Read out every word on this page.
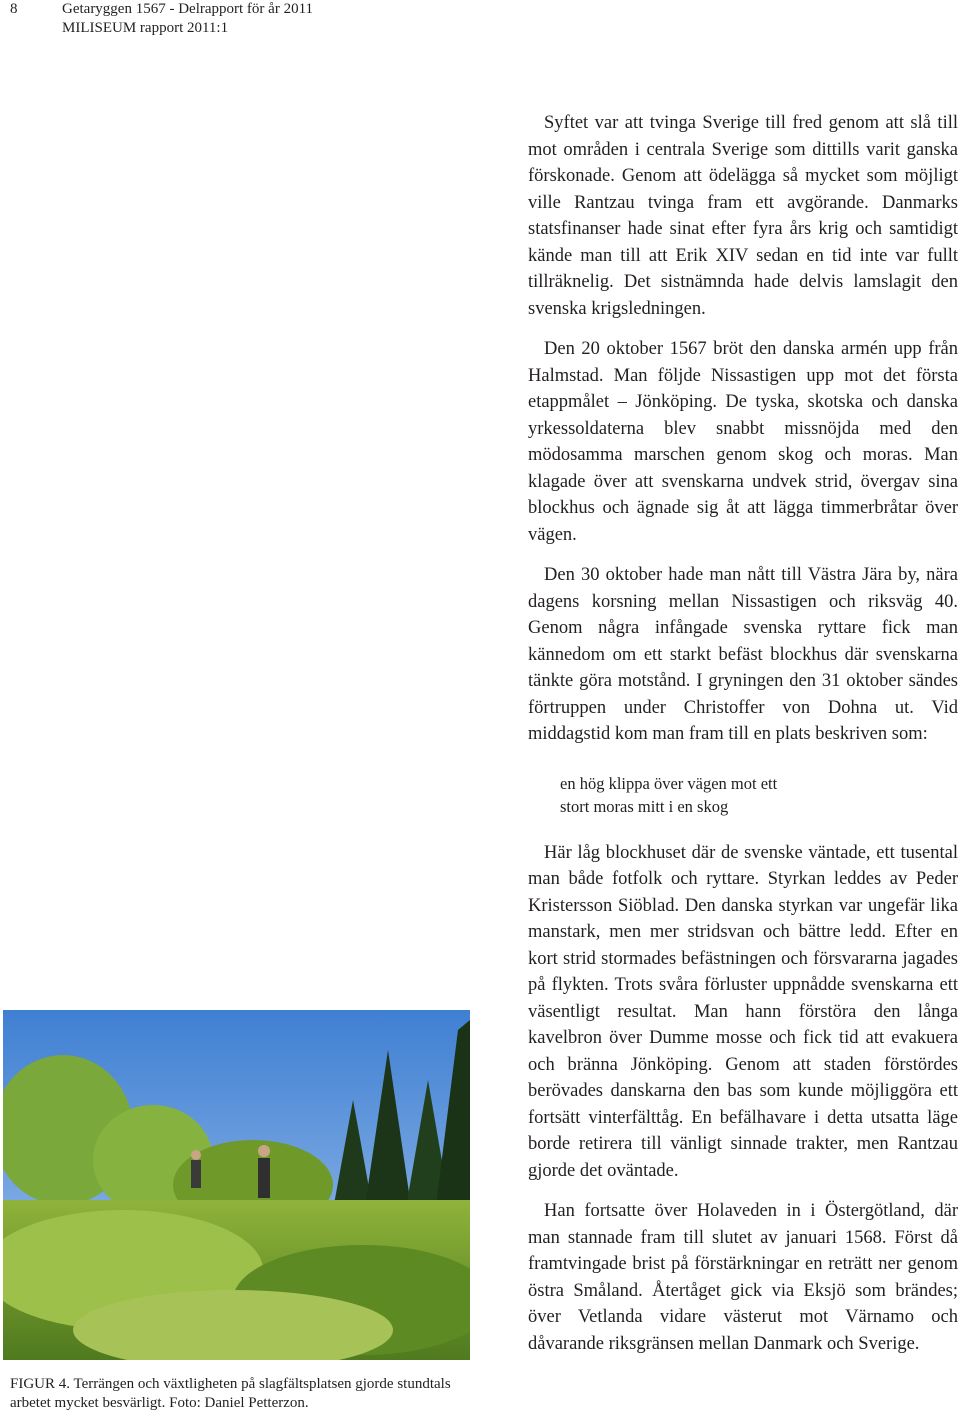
8	Getaryggen 1567 - Delrapport för år 2011
MILISEUM rapport 2011:1

Syftet var att tvinga Sverige till fred genom att slå till mot områden i centrala Sverige som dittills varit ganska förskonade. Genom att ödelägga så mycket som möjligt ville Rantzau tvinga fram ett avgörande. Danmarks statsfinanser hade sinat efter fyra års krig och samtidigt kände man till att Erik XIV sedan en tid inte var fullt tillräknelig. Det sistnämnda hade delvis lamslagit den svenska krigsledningen.

Den 20 oktober 1567 bröt den danska armén upp från Halmstad. Man följde Nissastigen upp mot det första etappmålet – Jönköping. De tyska, skotska och danska yrkessoldaterna blev snabbt missnöjda med den mödosamma marschen genom skog och moras. Man klagade över att svenskarna undvek strid, övergav sina blockhus och ägnade sig åt att lägga timmerbråtar över vägen.

Den 30 oktober hade man nått till Västra Jära by, nära dagens korsning mellan Nissastigen och riksväg 40. Genom några infångade svenska ryttare fick man kännedom om ett starkt befäst blockhus där svenskarna tänkte göra motstånd. I gryningen den 31 oktober sändes förtruppen under Christoffer von Dohna ut. Vid middagstid kom man fram till en plats beskriven som:

en hög klippa över vägen mot ett
stort moras mitt i en skog

Här låg blockhuset där de svenske väntade, ett tusental man både fotfolk och ryttare. Styrkan leddes av Peder Kristersson Siöblad. Den danska styrkan var ungefär lika manstark, men mer stridsvan och bättre ledd. Efter en kort strid stormades befästningen och försvararna jagades på flykten. Trots svåra förluster uppnådde svenskarna ett väsentligt resultat. Man hann förstöra den långa kavelbron över Dumme mosse och fick tid att evakuera och bränna Jönköping. Genom att staden förstördes berövades danskarna den bas som kunde möjliggöra ett fortsätt vinterfälttåg. En befälhavare i detta utsatta läge borde retirera till vänligt sinnade trakter, men Rantzau gjorde det oväntade.

Han fortsatte över Holaveden in i Östergötland, där man stannade fram till slutet av januari 1568. Först då framtvingade brist på förstärkningar en reträtt ner genom östra Småland. Återtåget gick via Eksjö som brändes; över Vetlanda vidare västerut mot Värnamo och dåvarande riksgränsen mellan Danmark och Sverige.

FIGUR 4. Terrängen och växtligheten på slagfältsplatsen gjorde stundtals arbetet mycket besvärligt. Foto: Daniel Petterzon.
